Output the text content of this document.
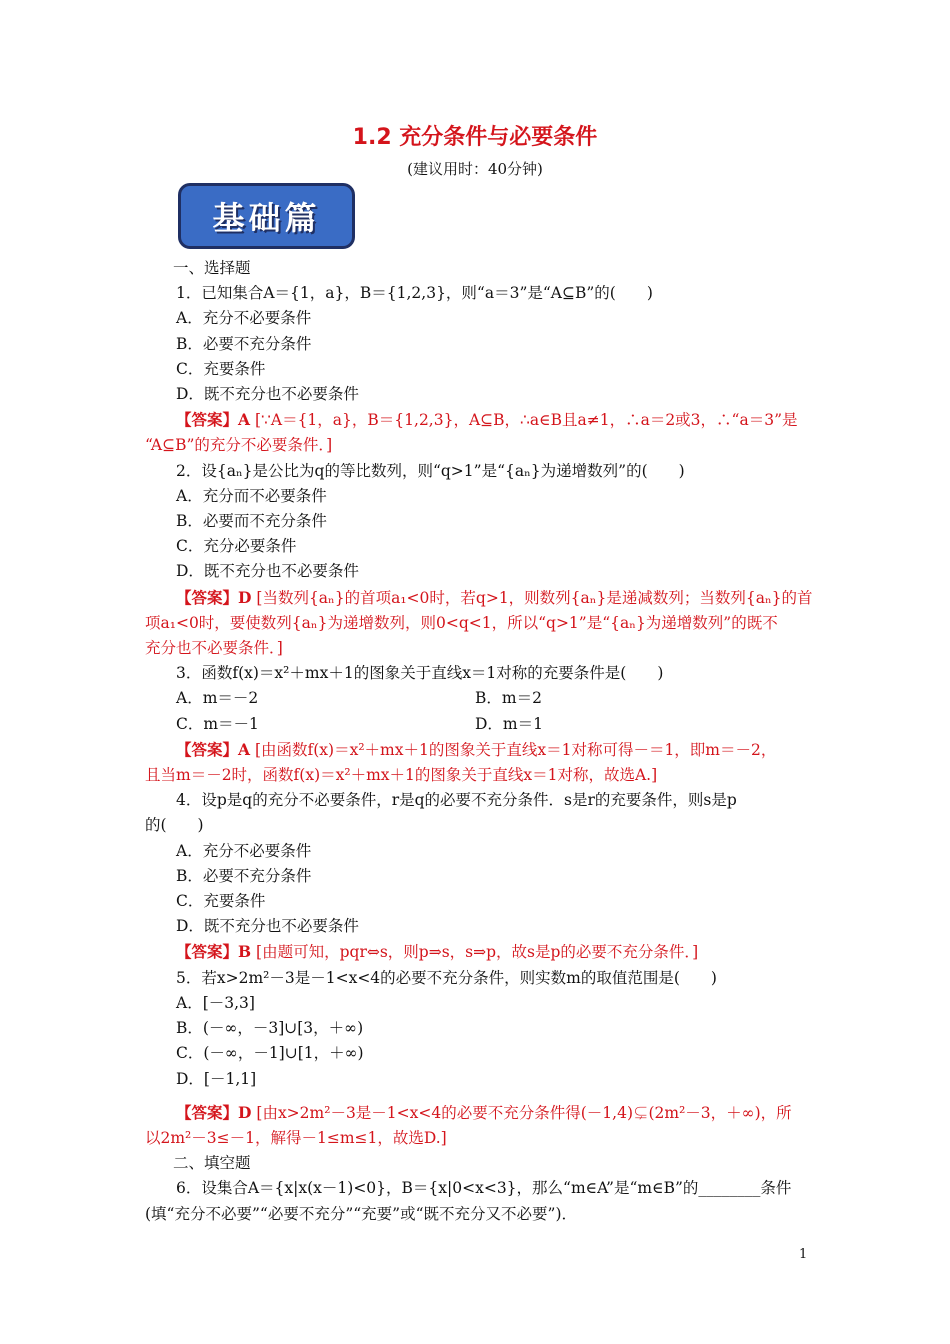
1.2 充分条件与必要条件
(建议用时：40分钟)
基础篇
一、选择题
1．已知集合A＝{1，a}，B＝{1,2,3}，则“a＝3”是“A⊆B”的(　　)
A．充分不必要条件
B．必要不充分条件
C．充要条件
D．既不充分也不必要条件
【答案】A [∵A＝{1，a}，B＝{1,2,3}，A⊆B，∴a∈B且a≠1，∴a＝2或3，∴“a＝3”是
“A⊆B”的充分不必要条件．]
2．设{aₙ}是公比为q的等比数列，则“q>1”是“{aₙ}为递增数列”的(　　)
A．充分而不必要条件
B．必要而不充分条件
C．充分必要条件
D．既不充分也不必要条件
【答案】D [当数列{aₙ}的首项a₁<0时，若q>1，则数列{aₙ}是递减数列；当数列{aₙ}的首
项a₁<0时，要使数列{aₙ}为递增数列，则0<q<1，所以“q>1”是“{aₙ}为递增数列”的既不
充分也不必要条件．]
3．函数f(x)＝x²＋mx＋1的图象关于直线x＝1对称的充要条件是(　　)
A．m＝－2	B．m＝2
C．m＝－1	D．m＝1
【答案】A [由函数f(x)＝x²＋mx＋1的图象关于直线x＝1对称可得－＝1，即m＝－2，
且当m＝－2时，函数f(x)＝x²＋mx＋1的图象关于直线x＝1对称，故选A.]
4．设p是q的充分不必要条件，r是q的必要不充分条件．s是r的充要条件，则s是p
的(　　)
A．充分不必要条件
B．必要不充分条件
C．充要条件
D．既不充分也不必要条件
【答案】B [由题可知，pqr⇔s，则p⇒s，s⇒p，故s是p的必要不充分条件．]
5．若x>2m²－3是－1<x<4的必要不充分条件，则实数m的取值范围是(　　)
A．[－3,3]
B．(－∞，－3]∪[3，＋∞)
C．(－∞，－1]∪[1，＋∞)
D．[－1,1]
【答案】D [由x>2m²－3是－1<x<4的必要不充分条件得(－1,4)⊊(2m²－3，＋∞)，所
以2m²－3≤－1，解得－1≤m≤1，故选D.]
二、填空题
6．设集合A＝{x|x(x－1)<0}，B＝{x|0<x<3}，那么“m∈A”是“m∈B”的________条件
(填“充分不必要”“必要不充分”“充要”或“既不充分又不必要”)．
1
